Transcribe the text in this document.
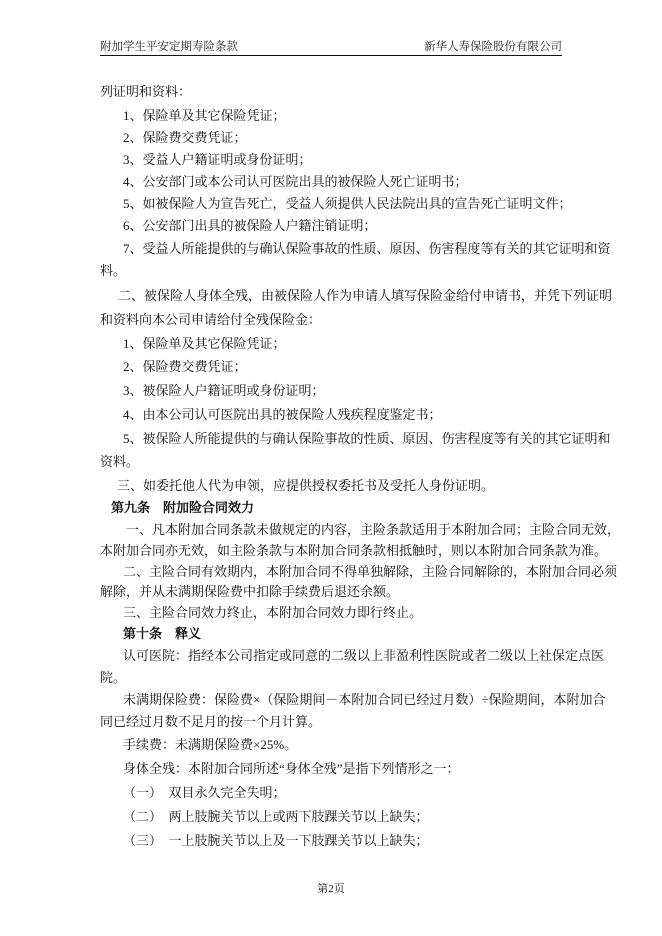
附加学生平安定期寿险条款	新华人寿保险股份有限公司
列证明和资料：
1、保险单及其它保险凭证；
2、保险费交费凭证；
3、受益人户籍证明或身份证明；
4、公安部门或本公司认可医院出具的被保险人死亡证明书；
5、如被保险人为宣告死亡，受益人须提供人民法院出具的宣告死亡证明文件；
6、公安部门出具的被保险人户籍注销证明；
7、受益人所能提供的与确认保险事故的性质、原因、伤害程度等有关的其它证明和资
料。
二、被保险人身体全残，由被保险人作为申请人填写保险金给付申请书，并凭下列证明
和资料向本公司申请给付全残保险金：
1、保险单及其它保险凭证；
2、保险费交费凭证；
3、被保险人户籍证明或身份证明；
4、由本公司认可医院出具的被保险人残疾程度鉴定书；
5、被保险人所能提供的与确认保险事故的性质、原因、伤害程度等有关的其它证明和
资料。
三、如委托他人代为申领，应提供授权委托书及受托人身份证明。
第九条　附加险合同效力
一、凡本附加合同条款未做规定的内容，主险条款适用于本附加合同；主险合同无效，
本附加合同亦无效，如主险条款与本附加合同条款相抵触时，则以本附加合同条款为准。
二、主险合同有效期内，本附加合同不得单独解除，主险合同解除的，本附加合同必须
解除，并从未满期保险费中扣除手续费后退还余额。
三、主险合同效力终止，本附加合同效力即行终止。
第十条　释义
认可医院：指经本公司指定或同意的二级以上非盈利性医院或者二级以上社保定点医
院。
未满期保险费：保险费×（保险期间－本附加合同已经过月数）÷保险期间，本附加合
同已经过月数不足月的按一个月计算。
手续费：未满期保险费×25%。
身体全残：本附加合同所述“身体全残”是指下列情形之一：
（一）　双目永久完全失明；
（二）　两上肢腕关节以上或两下肢踝关节以上缺失；
（三）　一上肢腕关节以上及一下肢踝关节以上缺失；
第2页
